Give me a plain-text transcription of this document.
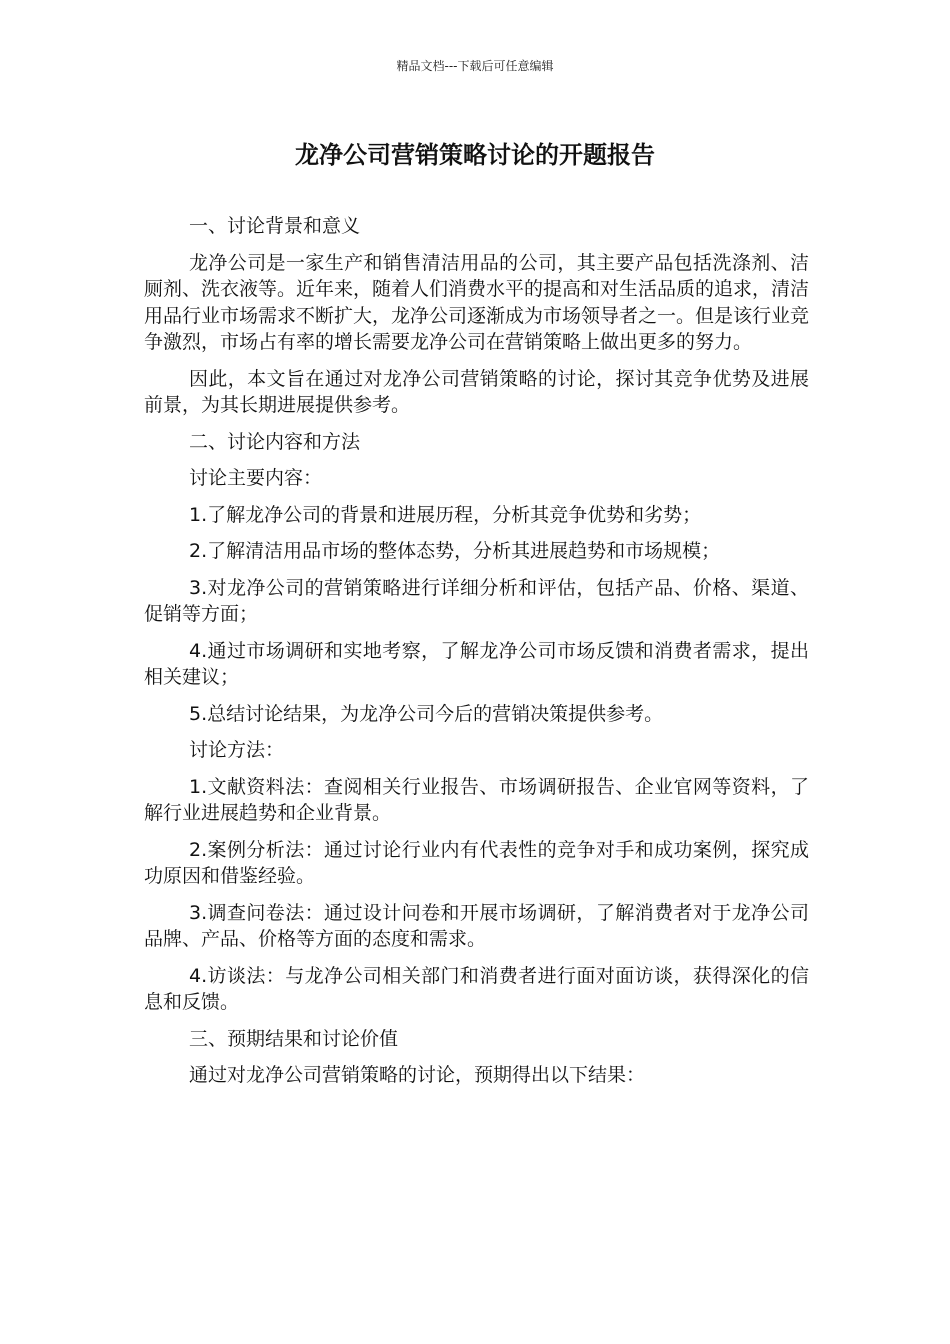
精品文档---下载后可任意编辑
龙净公司营销策略讨论的开题报告

一、讨论背景和意义

龙净公司是一家生产和销售清洁用品的公司，其主要产品包括洗涤剂、洁厕剂、洗衣液等。近年来，随着人们消费水平的提高和对生活品质的追求，清洁用品行业市场需求不断扩大，龙净公司逐渐成为市场领导者之一。但是该行业竞争激烈，市场占有率的增长需要龙净公司在营销策略上做出更多的努力。

因此，本文旨在通过对龙净公司营销策略的讨论，探讨其竞争优势及进展前景，为其长期进展提供参考。

二、讨论内容和方法

讨论主要内容：

1.了解龙净公司的背景和进展历程，分析其竞争优势和劣势；

2.了解清洁用品市场的整体态势，分析其进展趋势和市场规模；

3.对龙净公司的营销策略进行详细分析和评估，包括产品、价格、渠道、促销等方面；

4.通过市场调研和实地考察，了解龙净公司市场反馈和消费者需求，提出相关建议；

5.总结讨论结果，为龙净公司今后的营销决策提供参考。

讨论方法：

1.文献资料法：查阅相关行业报告、市场调研报告、企业官网等资料，了解行业进展趋势和企业背景。

2.案例分析法：通过讨论行业内有代表性的竞争对手和成功案例，探究成功原因和借鉴经验。

3.调查问卷法：通过设计问卷和开展市场调研，了解消费者对于龙净公司品牌、产品、价格等方面的态度和需求。

4.访谈法：与龙净公司相关部门和消费者进行面对面访谈，获得深化的信息和反馈。

三、预期结果和讨论价值

通过对龙净公司营销策略的讨论，预期得出以下结果：
